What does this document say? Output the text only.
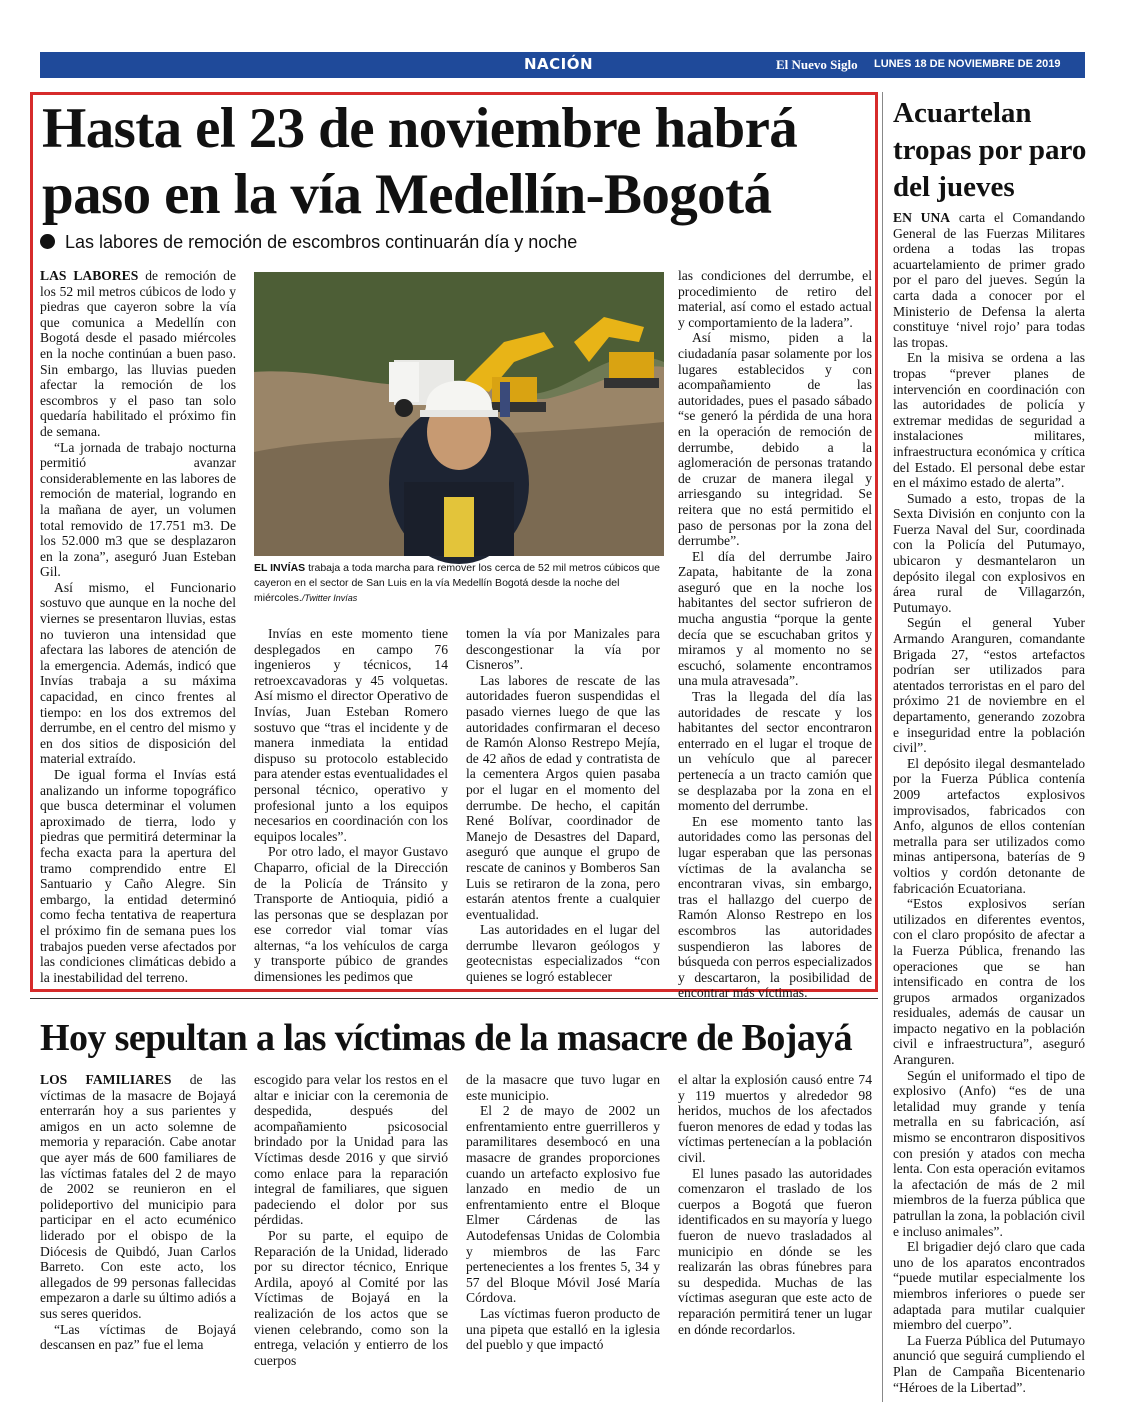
NACIÓN	El Nuevo Siglo LUNES 18 DE NOVIEMBRE DE 2019 9B
Hasta el 23 de noviembre habrá paso en la vía Medellín-Bogotá
Las labores de remoción de escombros continuarán día y noche

LAS LABORES de remoción de los 52 mil metros cúbicos de lodo y piedras que cayeron sobre la vía que comunica a Medellín con Bogotá desde el pasado miércoles en la noche continúan a buen paso. Sin embargo, las lluvias pueden afectar la remoción de los escombros y el paso tan solo quedaría habilitado el próximo fin de semana.

“La jornada de trabajo nocturna permitió avanzar considerablemente en las labores de remoción de material, logrando en la mañana de ayer, un volumen total removido de 17.751 m3. De los 52.000 m3 que se desplazaron en la zona”, aseguró Juan Esteban Gil.

Así mismo, el Funcionario sostuvo que aunque en la noche del viernes se presentaron lluvias, estas no tuvieron una intensidad que afectara las labores de atención de la emergencia. Además, indicó que Invías trabaja a su máxima capacidad, en cinco frentes al tiempo: en los dos extremos del derrumbe, en el centro del mismo y en dos sitios de disposición del material extraído.

De igual forma el Invías está analizando un informe topográfico que busca determinar el volumen aproximado de tierra, lodo y piedras que permitirá determinar la fecha exacta para la apertura del tramo comprendido entre El Santuario y Caño Alegre. Sin embargo, la entidad determinó como fecha tentativa de reapertura el próximo fin de semana pues los trabajos pueden verse afectados por las condiciones climáticas debido a la inestabilidad del terreno.

EL INVÍAS trabaja a toda marcha para remover los cerca de 52 mil metros cúbicos que cayeron en el sector de San Luis en la vía Medellín Bogotá desde la noche del miércoles./Twitter Invías

Invías en este momento tiene desplegados en campo 76 ingenieros y técnicos, 14 retroexcavadoras y 45 volquetas. Así mismo el director Operativo de Invías, Juan Esteban Romero sostuvo que “tras el incidente y de manera inmediata la entidad dispuso su protocolo establecido para atender estas eventualidades el personal técnico, operativo y profesional junto a los equipos necesarios en coordinación con los equipos locales”.

Por otro lado, el mayor Gustavo Chaparro, oficial de la Dirección de la Policía de Tránsito y Transporte de Antioquia, pidió a las personas que se desplazan por ese corredor vial tomar vías alternas, “a los vehículos de carga y transporte púbico de grandes dimensiones les pedimos que

tomen la vía por Manizales para descongestionar la vía por Cisneros”.

Las labores de rescate de las autoridades fueron suspendidas el pasado viernes luego de que las autoridades confirmaran el deceso de Ramón Alonso Restrepo Mejía, de 42 años de edad y contratista de la cementera Argos quien pasaba por el lugar en el momento del derrumbe. De hecho, el capitán René Bolívar, coordinador de Manejo de Desastres del Dapard, aseguró que aunque el grupo de rescate de caninos y Bomberos San Luis se retiraron de la zona, pero estarán atentos frente a cualquier eventualidad.

Las autoridades en el lugar del derrumbe llevaron geólogos y geotecnistas especializados “con quienes se logró establecer

las condiciones del derrumbe, el procedimiento de retiro del material, así como el estado actual y comportamiento de la ladera”.

Así mismo, piden a la ciudadanía pasar solamente por los lugares establecidos y con acompañamiento de las autoridades, pues el pasado sábado “se generó la pérdida de una hora en la operación de remoción de derrumbe, debido a la aglomeración de personas tratando de cruzar de manera ilegal y arriesgando su integridad. Se reitera que no está permitido el paso de personas por la zona del derrumbe”.

El día del derrumbe Jairo Zapata, habitante de la zona aseguró que en la noche los habitantes del sector sufrieron de mucha angustia “porque la gente decía que se escuchaban gritos y miramos y al momento no se escuchó, solamente encontramos una mula atravesada”.

Tras la llegada del día las autoridades de rescate y los habitantes del sector encontraron enterrado en el lugar el troque de un vehículo que al parecer pertenecía a un tracto camión que se desplazaba por la zona en el momento del derrumbe.

En ese momento tanto las autoridades como las personas del lugar esperaban que las personas víctimas de la avalancha se encontraran vivas, sin embargo, tras el hallazgo del cuerpo de Ramón Alonso Restrepo en los escombros las autoridades suspendieron las labores de búsqueda con perros especializados y descartaron, la posibilidad de encontrar más víctimas.

Hoy sepultan a las víctimas de la masacre de Bojayá

LOS FAMILIARES de las víctimas de la masacre de Bojayá enterrarán hoy a sus parientes y amigos en un acto solemne de memoria y reparación. Cabe anotar que ayer más de 600 familiares de las víctimas fatales del 2 de mayo de 2002 se reunieron en el polideportivo del municipio para participar en el acto ecuménico liderado por el obispo de la Diócesis de Quibdó, Juan Carlos Barreto. Con este acto, los allegados de 99 personas fallecidas empezaron a darle su último adiós a sus seres queridos.

“Las víctimas de Bojayá descansen en paz” fue el lema

escogido para velar los restos en el altar e iniciar con la ceremonia de despedida, después del acompañamiento psicosocial brindado por la Unidad para las Víctimas desde 2016 y que sirvió como enlace para la reparación integral de familiares, que siguen padeciendo el dolor por sus pérdidas.

Por su parte, el equipo de Reparación de la Unidad, liderado por su director técnico, Enrique Ardila, apoyó al Comité por las Víctimas de Bojayá en la realización de los actos que se vienen celebrando, como son la entrega, velación y entierro de los cuerpos

de la masacre que tuvo lugar en este municipio.

El 2 de mayo de 2002 un enfrentamiento entre guerrilleros y paramilitares desembocó en una masacre de grandes proporciones cuando un artefacto explosivo fue lanzado en medio de un enfrentamiento entre el Bloque Elmer Cárdenas de las Autodefensas Unidas de Colombia y miembros de las Farc pertenecientes a los frentes 5, 34 y 57 del Bloque Móvil José María Córdova.

Las víctimas fueron producto de una pipeta que estalló en la iglesia del pueblo y que impactó

el altar la explosión causó entre 74 y 119 muertos y alrededor 98 heridos, muchos de los afectados fueron menores de edad y todas las víctimas pertenecían a la población civil.

El lunes pasado las autoridades comenzaron el traslado de los cuerpos a Bogotá que fueron identificados en su mayoría y luego fueron de nuevo trasladados al municipio en dónde se les realizarán las obras fúnebres para su despedida. Muchas de las víctimas aseguran que este acto de reparación permitirá tener un lugar en dónde recordarlos.

Acuartelan tropas por paro del jueves

EN UNA carta el Comandando General de las Fuerzas Militares ordena a todas las tropas acuartelamiento de primer grado por el paro del jueves. Según la carta dada a conocer por el Ministerio de Defensa la alerta constituye ‘nivel rojo’ para todas las tropas.

En la misiva se ordena a las tropas “prever planes de intervención en coordinación con las autoridades de policía y extremar medidas de seguridad a instalaciones militares, infraestructura económica y crítica del Estado. El personal debe estar en el máximo estado de alerta”.

Sumado a esto, tropas de la Sexta División en conjunto con la Fuerza Naval del Sur, coordinada con la Policía del Putumayo, ubicaron y desmantelaron un depósito ilegal con explosivos en área rural de Villagarzón, Putumayo.

Según el general Yuber Armando Aranguren, comandante Brigada 27, “estos artefactos podrían ser utilizados para atentados terroristas en el paro del próximo 21 de noviembre en el departamento, generando zozobra e inseguridad entre la población civil”.

El depósito ilegal desmantelado por la Fuerza Pública contenía 2009 artefactos explosivos improvisados, fabricados con Anfo, algunos de ellos contenían metralla para ser utilizados como minas antipersona, baterías de 9 voltios y cordón detonante de fabricación Ecuatoriana.

“Estos explosivos serían utilizados en diferentes eventos, con el claro propósito de afectar a la Fuerza Pública, frenando las operaciones que se han intensificado en contra de los grupos armados organizados residuales, además de causar un impacto negativo en la población civil e infraestructura”, aseguró Aranguren.

Según el uniformado el tipo de explosivo (Anfo) “es de una letalidad muy grande y tenía metralla en su fabricación, así mismo se encontraron dispositivos con presión y atados con mecha lenta. Con esta operación evitamos la afectación de más de 2 mil miembros de la fuerza pública que patrullan la zona, la población civil e incluso animales”.

El brigadier dejó claro que cada uno de los aparatos encontrados “puede mutilar especialmente los miembros inferiores o puede ser adaptada para mutilar cualquier miembro del cuerpo”.

La Fuerza Pública del Putumayo anunció que seguirá cumpliendo el Plan de Campaña Bicentenario “Héroes de la Libertad”.
